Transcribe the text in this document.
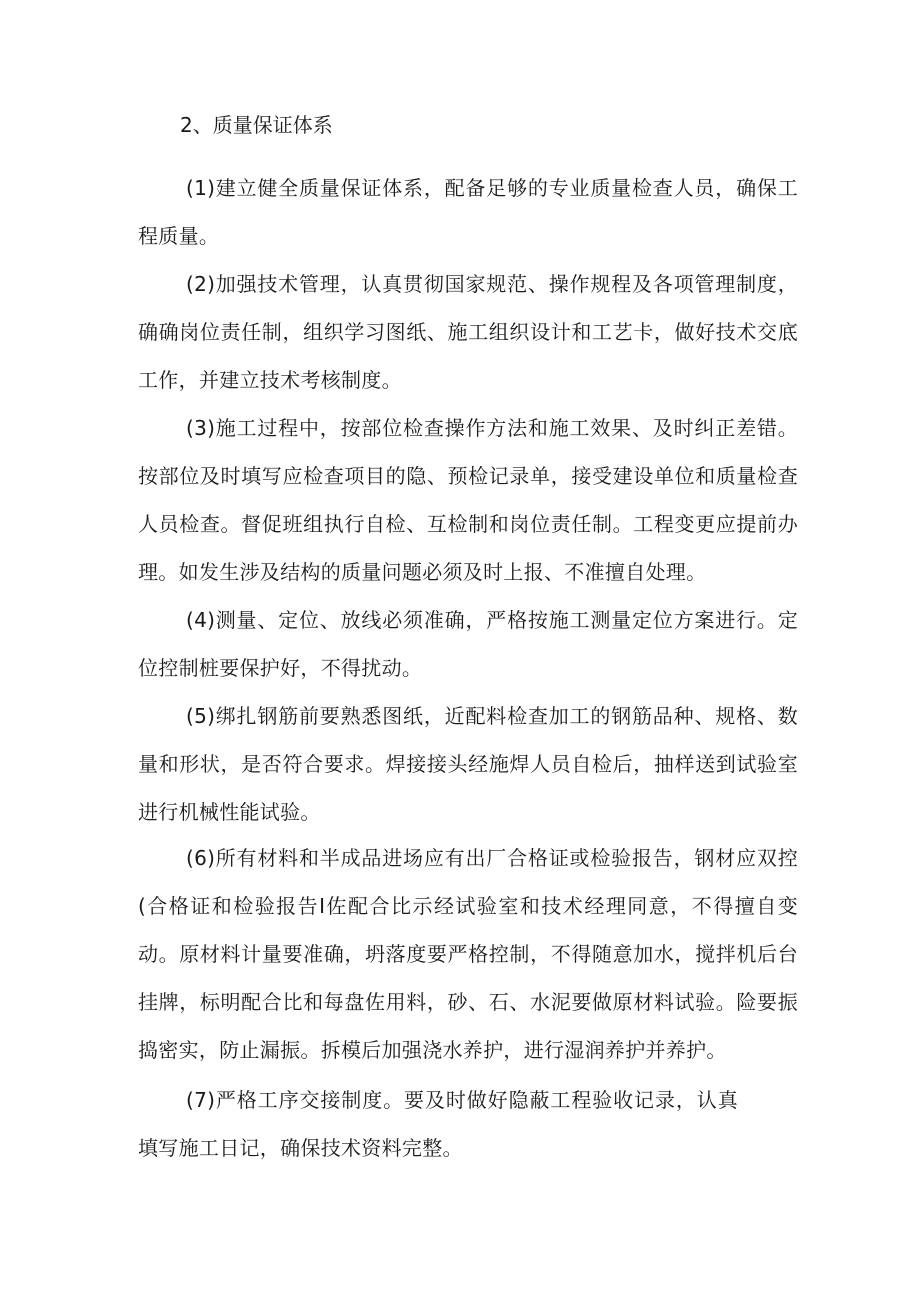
2、质量保证体系

(1)建立健全质量保证体系，配备足够的专业质量检查人员，确保工程质量。

(2)加强技术管理，认真贯彻国家规范、操作规程及各项管理制度，确确岗位责任制，组织学习图纸、施工组织设计和工艺卡，做好技术交底工作，并建立技术考核制度。

(3)施工过程中，按部位检查操作方法和施工效果、及时纠正差错。按部位及时填写应检查项目的隐、预检记录单，接受建设单位和质量检查人员检查。督促班组执行自检、互检制和岗位责任制。工程变更应提前办理。如发生涉及结构的质量问题必须及时上报、不准擅自处理。

(4)测量、定位、放线必须准确，严格按施工测量定位方案进行。定位控制桩要保护好，不得扰动。

(5)绑扎钢筋前要熟悉图纸，近配料检查加工的钢筋品种、规格、数量和形状，是否符合要求。焊接接头经施焊人员自检后，抽样送到试验室进行机械性能试验。

(6)所有材料和半成品进场应有出厂合格证或检验报告，钢材应双控(合格证和检验报告I佐配合比示经试验室和技术经理同意，不得擅自变动。原材料计量要准确，坍落度要严格控制，不得随意加水，搅拌机后台挂牌，标明配合比和每盘佐用料，砂、石、水泥要做原材料试验。险要振捣密实，防止漏振。拆模后加强浇水养护，进行湿润养护并养护。

(7)严格工序交接制度。要及时做好隐蔽工程验收记录，认真填写施工日记，确保技术资料完整。
